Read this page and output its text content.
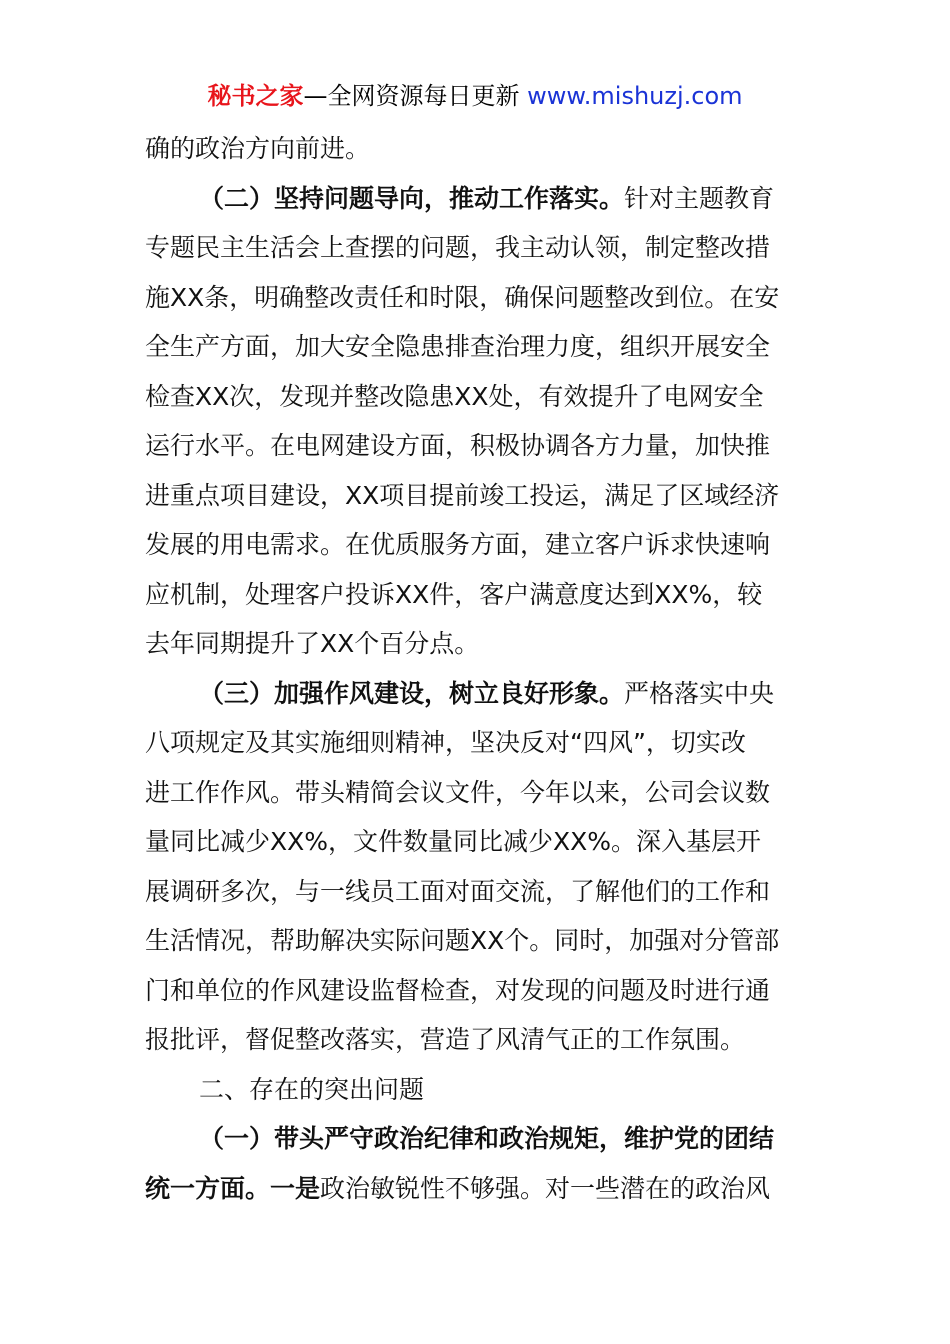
秘书之家—全网资源每日更新 www.mishuzj.com
确的政治方向前进。
（二）坚持问题导向，推动工作落实。针对主题教育
专题民主生活会上查摆的问题，我主动认领，制定整改措
施XX条，明确整改责任和时限，确保问题整改到位。在安
全生产方面，加大安全隐患排查治理力度，组织开展安全
检查XX次，发现并整改隐患XX处，有效提升了电网安全
运行水平。在电网建设方面，积极协调各方力量，加快推
进重点项目建设，XX项目提前竣工投运，满足了区域经济
发展的用电需求。在优质服务方面，建立客户诉求快速响
应机制，处理客户投诉XX件，客户满意度达到XX%，较
去年同期提升了XX个百分点。
（三）加强作风建设，树立良好形象。严格落实中央
八项规定及其实施细则精神，坚决反对“四风”，切实改
进工作作风。带头精简会议文件，今年以来，公司会议数
量同比减少XX%，文件数量同比减少XX%。深入基层开
展调研多次，与一线员工面对面交流，了解他们的工作和
生活情况，帮助解决实际问题XX个。同时，加强对分管部
门和单位的作风建设监督检查，对发现的问题及时进行通
报批评，督促整改落实，营造了风清气正的工作氛围。
二、存在的突出问题
（一）带头严守政治纪律和政治规矩，维护党的团结
统一方面。一是政治敏锐性不够强。对一些潜在的政治风
